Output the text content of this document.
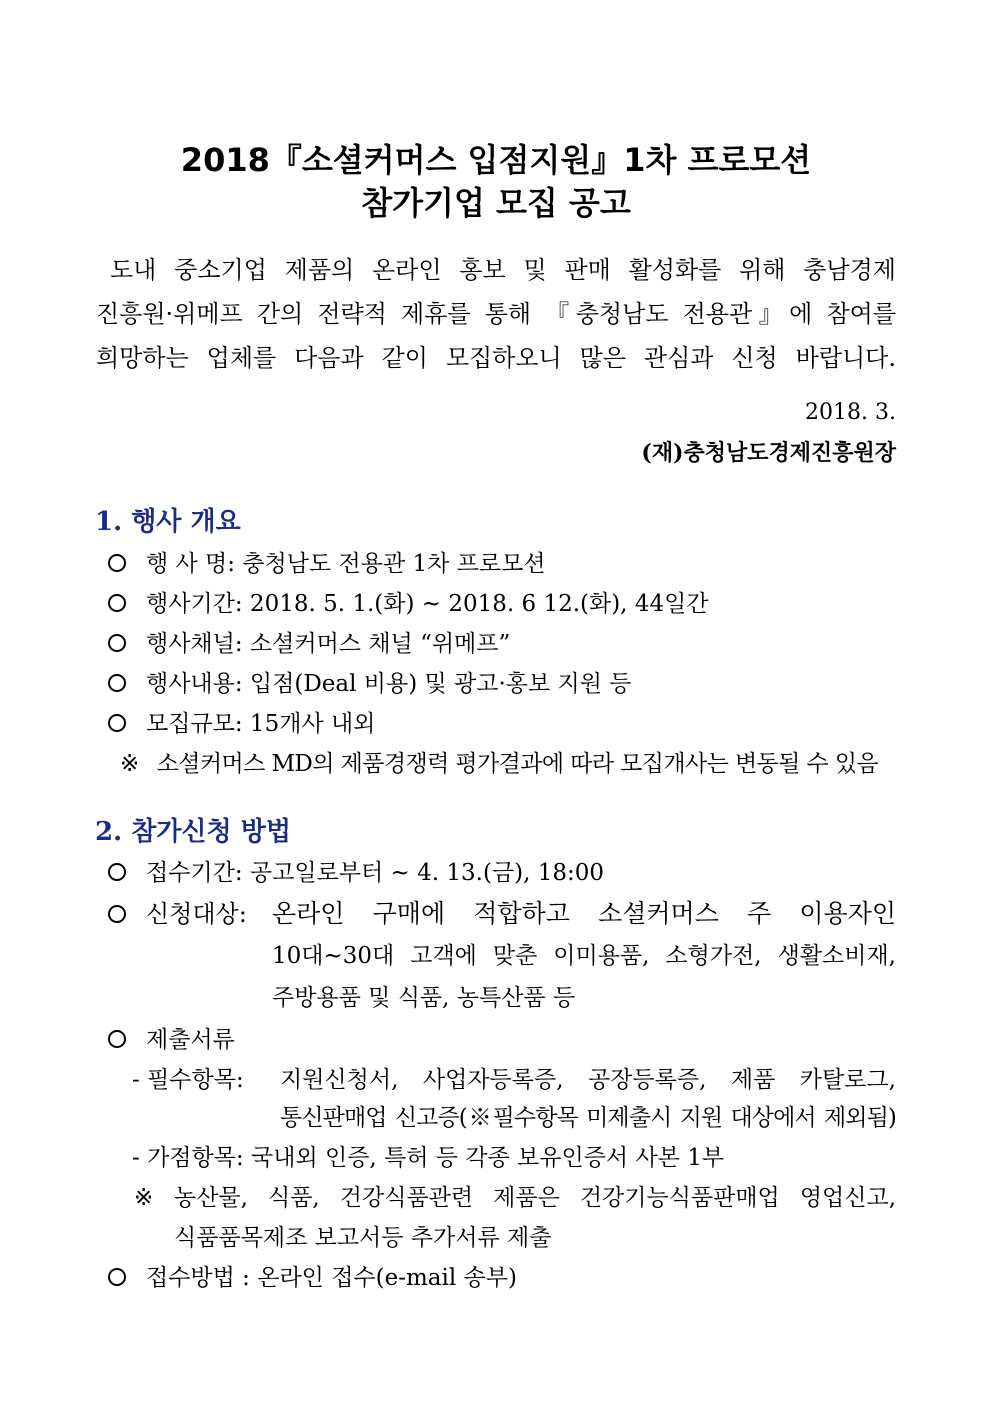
2018『소셜커머스 입점지원』1차 프로모션
참가기업 모집 공고
도내 중소기업 제품의 온라인 홍보 및 판매 활성화를 위해 충남경제
진흥원·위메프 간의 전략적 제휴를 통해 『충청남도 전용관』에 참여를
희망하는 업체를 다음과 같이 모집하오니 많은 관심과 신청 바랍니다.
2018. 3.
(재)충청남도경제진흥원장
1. 행사 개요
행 사 명: 충청남도 전용관 1차 프로모션
행사기간: 2018. 5. 1.(화) ~ 2018. 6 12.(화), 44일간
행사채널: 소셜커머스 채널 “위메프”
행사내용: 입점(Deal 비용) 및 광고·홍보 지원 등
모집규모: 15개사 내외
※ 소셜커머스 MD의 제품경쟁력 평가결과에 따라 모집개사는 변동될 수 있음
2. 참가신청 방법
접수기간: 공고일로부터 ~ 4. 13.(금), 18:00
신청대상: 온라인 구매에 적합하고 소셜커머스 주 이용자인
10대~30대 고객에 맞춘 이미용품, 소형가전, 생활소비재,
주방용품 및 식품, 농특산품 등
제출서류
- 필수항목: 지원신청서, 사업자등록증, 공장등록증, 제품 카탈로그,
통신판매업 신고증(※필수항목 미제출시 지원 대상에서 제외됨)
- 가점항목: 국내외 인증, 특허 등 각종 보유인증서 사본 1부
※ 농산물, 식품, 건강식품관련 제품은 건강기능식품판매업 영업신고,
식품품목제조 보고서등 추가서류 제출
접수방법 : 온라인 접수(e-mail 송부)
